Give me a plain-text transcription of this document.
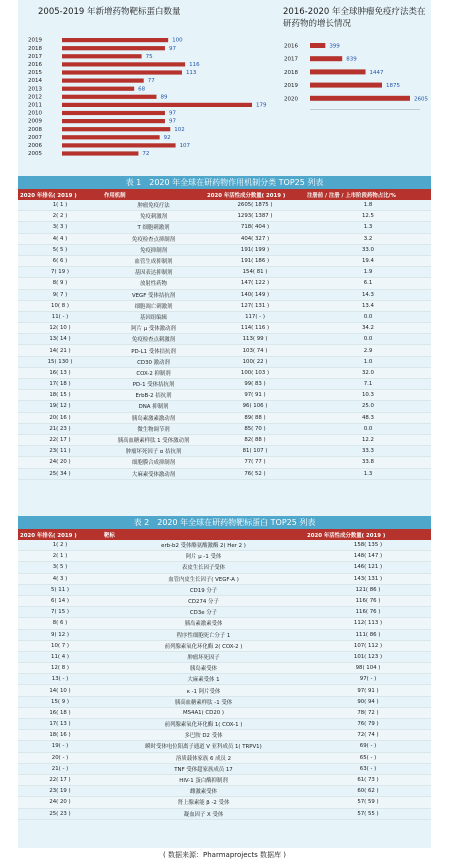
2005-2019 年新增药物靶标蛋白数量
2019	100
2018	97
2017	75
2016	116
2015	113
2014	77
2013	68
2012	89
2011	179
2010	97
2009	97
2008	102
2007	92
2006	107
2005	72
2016-2020 年全球肿瘤免疫疗法类在研药物的增长情况
2016	399
2017	839
2018	1447
2019	1875
2020	2605
表 1　2020 年全球在研药物作用机制分类 TOP25 列表
2020 年排名( 2019 )	作用机制	2020 年活性成分数量( 2019 )	注册前 / 注册 / 上市阶段药物占比/%
1( 1 )	肿瘤免疫疗法	2605( 1875 )	1.8
2( 2 )	免疫刺激剂	1293( 1387 )	12.5
3( 3 )	T 细胞刺激剂	718( 404 )	1.3
4( 4 )	免疫检查点抑制剂	404( 327 )	3.2
5( 5 )	免疫抑制剂	191( 199 )	33.0
6( 6 )	血管生成抑制剂	191( 186 )	19.4
7( 19 )	基因表达抑制剂	154( 81 )	1.9
8( 9 )	放射性药物	147( 122 )	6.1
9( 7 )	VEGF 受体拮抗剂	140( 149 )	14.3
10( 8 )	细胞凋亡刺激剂	127( 131 )	13.4
11( - )	基因组编辑	117( - )	0.0
12( 10 )	阿片 μ 受体激动剂	114( 116 )	34.2
13( 14 )	免疫检查点刺激剂	113( 99 )	0.0
14( 21 )	PD-L1 受体拮抗剂	103( 74 )	2.9
15( 130 )	CD30 激动剂	100( 22 )	1.0
16( 13 )	COX-2 抑制剂	100( 103 )	32.0
17( 18 )	PD-1 受体拮抗剂	99( 83 )	7.1
18( 15 )	ErbB-2 拮抗剂	97( 91 )	10.3
19( 12 )	DNA 抑制剂	96( 106 )	25.0
20( 16 )	胰岛素激素激动剂	89( 88 )	48.3
21( 23 )	微生物调节剂	85( 70 )	0.0
22( 17 )	胰高血糖素样肽 1 受体激动剂	82( 88 )	12.2
23( 11 )	肿瘤坏死因子 α 拮抗剂	81( 107 )	33.3
24( 20 )	细胞膜合成抑制剂	77( 77 )	33.8
25( 34 )	大麻素受体激动剂	76( 52 )	1.3
表 2　2020 年全球在研药物靶标蛋白 TOP25 列表
2020 年排名( 2019 )	靶标	2020 年活性成分数量( 2019 )
1( 2 )	erb-b2 受体酪氨酸激酶 2( Her 2 )	158( 135 )
2( 1 )	阿片 μ -1 受体	148( 147 )
3( 5 )	表皮生长因子受体	146( 121 )
4( 3 )	血管内皮生长因子( VEGF-A )	143( 131 )
5( 11 )	CD19 分子	121( 86 )
6( 14 )	CD274 分子	116( 76 )
7( 15 )	CD3e 分子	116( 76 )
8( 6 )	胰岛素激素受体	112( 113 )
9( 12 )	程序性细胞死亡分子 1	111( 86 )
10( 7 )	前列腺素氧化环化酶 2( COX-2 )	107( 112 )
11( 4 )	肿瘤坏死因子	101( 123 )
12( 8 )	胰岛素受体	98( 104 )
13( - )	大麻素受体 1	97( - )
14( 10 )	κ -1 阿片受体	97( 91 )
15( 9 )	胰高血糖素样肽 -1 受体	90( 94 )
16( 18 )	MS4A1( CD20 )	78( 72 )
17( 13 )	前列腺素氧化环化酶 1( COX-1 )	76( 79 )
18( 16 )	多巴胺 D2 受体	72( 74 )
19( - )	瞬时受体电位阳离子通道 V 亚科成员 1( TRPV1)	69( - )
20( - )	溶质载体家族 6 成员 2	65( - )
21( - )	TNF 受体超家族成员 17	63( - )
22( 17 )	HIV-1 蛋白酶抑制剂	61( 73 )
23( 19 )	雌激素受体	60( 62 )
24( 20 )	肾上腺素能 β -2 受体	57( 59 )
25( 23 )	凝血因子 X 受体	57( 55 )
( 数据来源：Pharmaprojects 数据库 )
